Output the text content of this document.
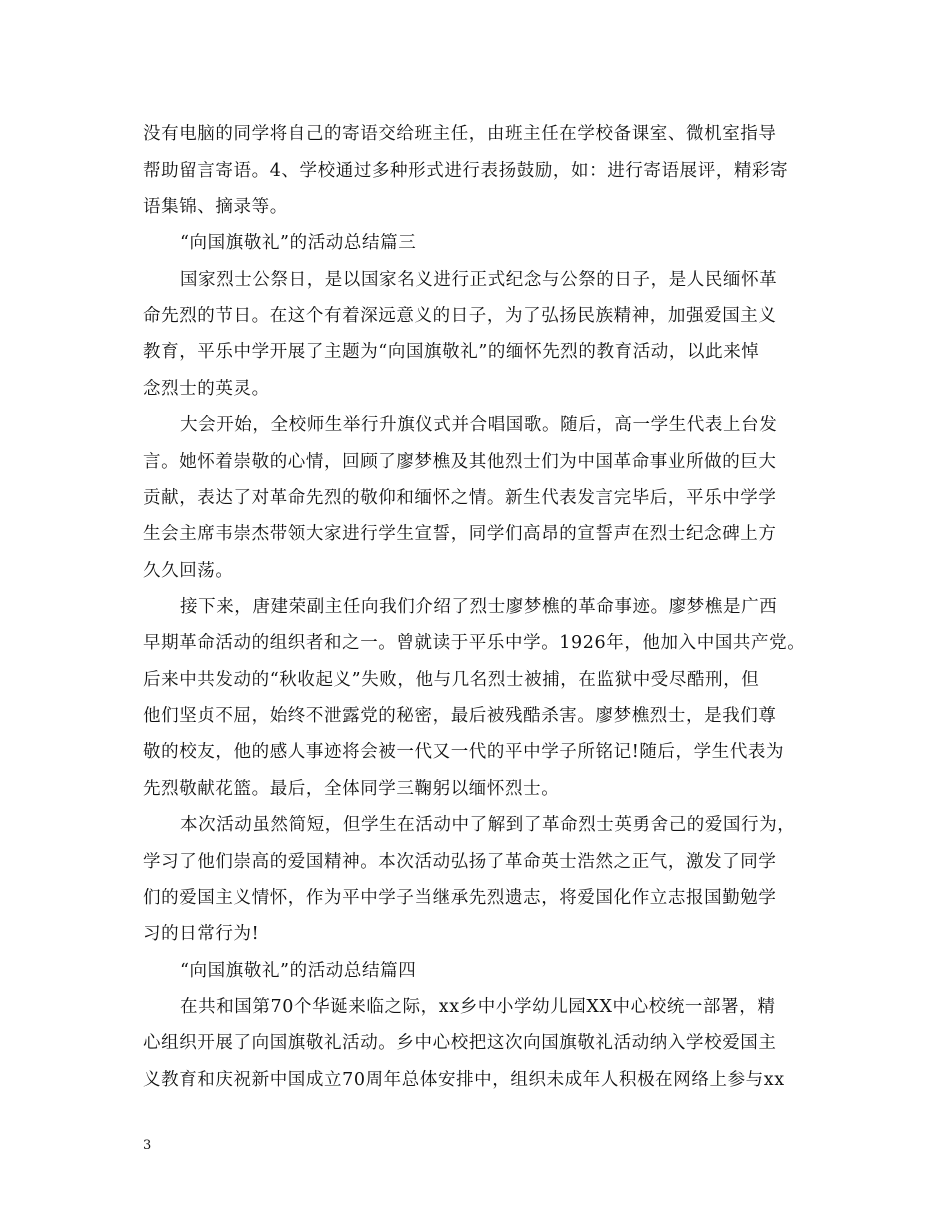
没有电脑的同学将自己的寄语交给班主任，由班主任在学校备课室、微机室指导
帮助留言寄语。4、学校通过多种形式进行表扬鼓励，如：进行寄语展评，精彩寄
语集锦、摘录等。
“向国旗敬礼”的活动总结篇三
国家烈士公祭日，是以国家名义进行正式纪念与公祭的日子，是人民缅怀革
命先烈的节日。在这个有着深远意义的日子，为了弘扬民族精神，加强爱国主义
教育，平乐中学开展了主题为“向国旗敬礼”的缅怀先烈的教育活动，以此来悼
念烈士的英灵。
大会开始，全校师生举行升旗仪式并合唱国歌。随后，高一学生代表上台发
言。她怀着崇敬的心情，回顾了廖梦樵及其他烈士们为中国革命事业所做的巨大
贡献，表达了对革命先烈的敬仰和缅怀之情。新生代表发言完毕后，平乐中学学
生会主席韦崇杰带领大家进行学生宣誓，同学们高昂的宣誓声在烈士纪念碑上方
久久回荡。
接下来，唐建荣副主任向我们介绍了烈士廖梦樵的革命事迹。廖梦樵是广西
早期革命活动的组织者和之一。曾就读于平乐中学。1926年，他加入中国共产党。
后来中共发动的“秋收起义”失败，他与几名烈士被捕，在监狱中受尽酷刑，但
他们坚贞不屈，始终不泄露党的秘密，最后被残酷杀害。廖梦樵烈士，是我们尊
敬的校友，他的感人事迹将会被一代又一代的平中学子所铭记!随后，学生代表为
先烈敬献花篮。最后，全体同学三鞠躬以缅怀烈士。
本次活动虽然简短，但学生在活动中了解到了革命烈士英勇舍己的爱国行为，
学习了他们崇高的爱国精神。本次活动弘扬了革命英士浩然之正气，激发了同学
们的爱国主义情怀，作为平中学子当继承先烈遗志，将爱国化作立志报国勤勉学
习的日常行为!
“向国旗敬礼”的活动总结篇四
在共和国第70个华诞来临之际，xx乡中小学幼儿园XX中心校统一部署，精
心组织开展了向国旗敬礼活动。乡中心校把这次向国旗敬礼活动纳入学校爱国主
义教育和庆祝新中国成立70周年总体安排中，组织未成年人积极在网络上参与xx
3
